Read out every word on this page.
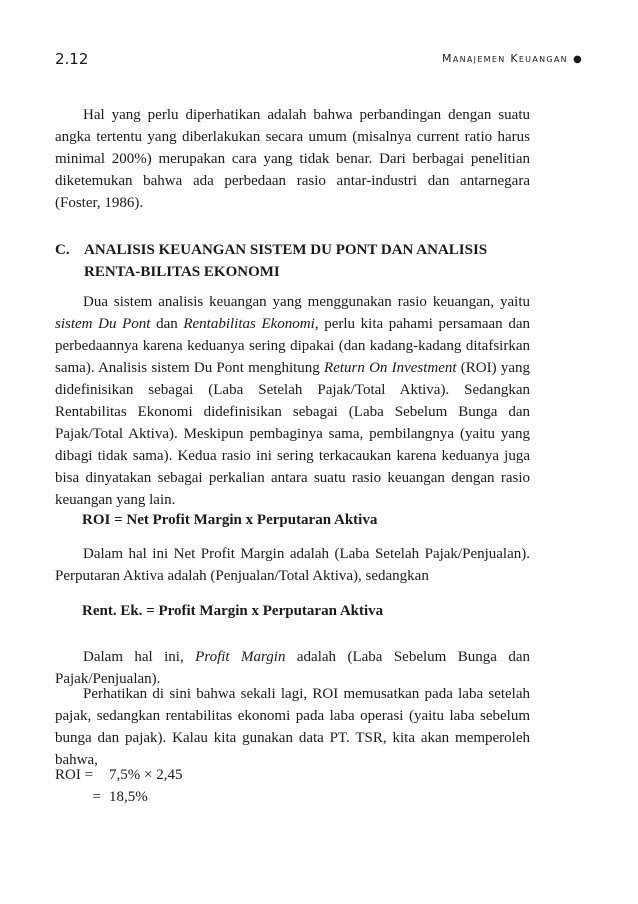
2.12	Manajemen Keuangan ●

Hal yang perlu diperhatikan adalah bahwa perbandingan dengan suatu angka tertentu yang diberlakukan secara umum (misalnya current ratio harus minimal 200%) merupakan cara yang tidak benar. Dari berbagai penelitian diketemukan bahwa ada perbedaan rasio antar-industri dan antarnegara (Foster, 1986).

C. ANALISIS KEUANGAN SISTEM DU PONT DAN ANALISIS
RENTA-BILITAS EKONOMI

Dua sistem analisis keuangan yang menggunakan rasio keuangan, yaitu sistem Du Pont dan Rentabilitas Ekonomi, perlu kita pahami persamaan dan perbedaannya karena keduanya sering dipakai (dan kadang-kadang ditafsirkan sama). Analisis sistem Du Pont menghitung Return On Investment (ROI) yang didefinisikan sebagai (Laba Setelah Pajak/Total Aktiva). Sedangkan Rentabilitas Ekonomi didefinisikan sebagai (Laba Sebelum Bunga dan Pajak/Total Aktiva). Meskipun pembaginya sama, pembilangnya (yaitu yang dibagi tidak sama). Kedua rasio ini sering terkacaukan karena keduanya juga bisa dinyatakan sebagai perkalian antara suatu rasio keuangan dengan rasio keuangan yang lain.

ROI = Net Profit Margin x Perputaran Aktiva

Dalam hal ini Net Profit Margin adalah (Laba Setelah Pajak/Penjualan). Perputaran Aktiva adalah (Penjualan/Total Aktiva), sedangkan

Rent. Ek. = Profit Margin x Perputaran Aktiva

Dalam hal ini, Profit Margin adalah (Laba Sebelum Bunga dan Pajak/Penjualan).

Perhatikan di sini bahwa sekali lagi, ROI memusatkan pada laba setelah pajak, sedangkan rentabilitas ekonomi pada laba operasi (yaitu laba sebelum bunga dan pajak). Kalau kita gunakan data PT. TSR, kita akan memperoleh bahwa,

ROI = 7,5% × 2,45
= 18,5%
